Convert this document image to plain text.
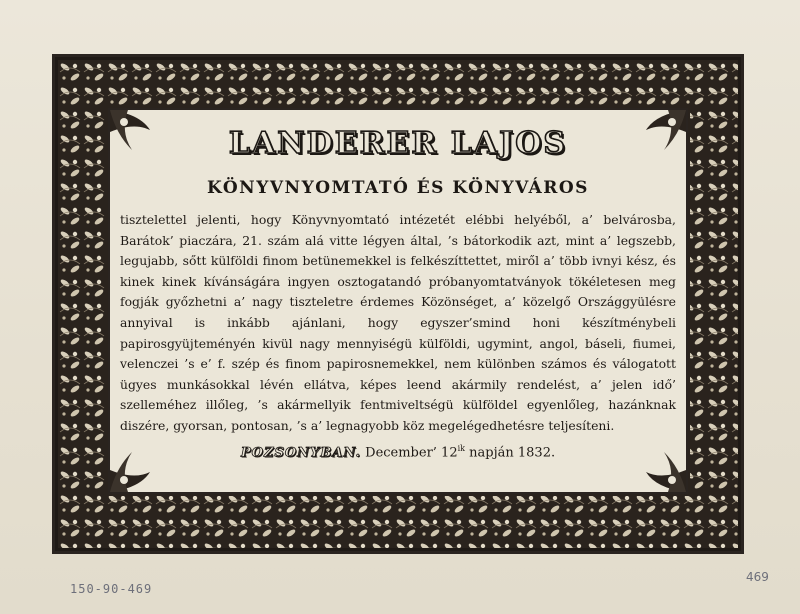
LANDERER LAJOS
KÖNYVNYOMTATÓ ÉS KÖNYVÁROS
tisztelettel jelenti, hogy Könyvnyomtató intézetét elébbi helyéből, a’ belvárosba, Barátok’ piaczára, 21. szám alá vitte légyen által, ’s bátorkodik azt, mint a’ legszebb, legujabb, sőtt külföldi finom betünemekkel is felkészíttettet, miről a’ több ivnyi kész, és kinek kinek kívánságára ingyen osztogatandó próbanyomtatványok tökéletesen meg fogják győzhetni a’ nagy tiszteletre érdemes Közönséget, a’ közelgő Országgyülésre annyival is inkább ajánlani, hogy egyszer’smind honi készítménybeli papirosgyüjteményén kivül nagy mennyiségü külföldi, ugymint, angol, báseli, fiumei, velenczei ’s e’ f. szép és finom papirosnemekkel, nem különben számos és válogatott ügyes munkásokkal lévén ellátva, képes leend akármily rendelést, a’ jelen idő’ szelleméhez illőleg, ’s akármellyik fentmiveltségü külföldel egyenlőleg, hazánknak diszére, gyorsan, pontosan, ’s a’ legnagyobb köz megelégedhetésre teljesíteni.
POZSONYBAN. December’ $12^{ik}$ napján 1832.
150-90-469
469
